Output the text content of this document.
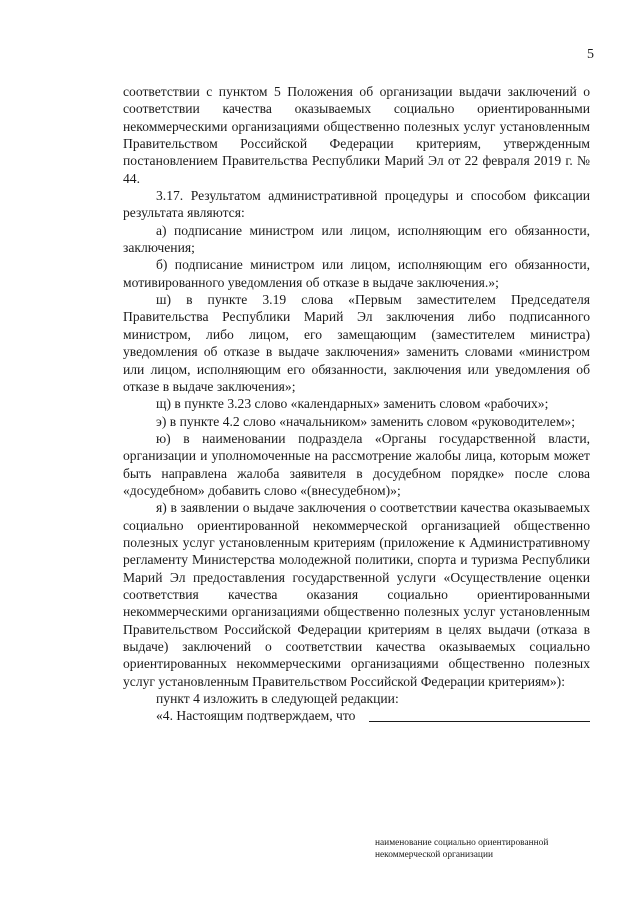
5

соответствии с пунктом 5 Положения об организации выдачи заключений о соответствии качества оказываемых социально ориентированными некоммерческими организациями общественно полезных услуг установленным Правительством Российской Федерации критериям, утвержденным постановлением Правительства Республики Марий Эл от 22 февраля 2019 г. № 44.

3.17. Результатом административной процедуры и способом фиксации результата являются:

а) подписание министром или лицом, исполняющим его обязанности, заключения;

б) подписание министром или лицом, исполняющим его обязанности, мотивированного уведомления об отказе в выдаче заключения.»;

ш) в пункте 3.19 слова «Первым заместителем Председателя Правительства Республики Марий Эл заключения либо подписанного министром, либо лицом, его замещающим (заместителем министра) уведомления об отказе в выдаче заключения» заменить словами «министром или лицом, исполняющим его обязанности, заключения или уведомления об отказе в выдаче заключения»;

щ) в пункте 3.23 слово «календарных» заменить словом «рабочих»;

э) в пункте 4.2 слово «начальником» заменить словом «руководителем»;

ю) в наименовании подраздела «Органы государственной власти, организации и уполномоченные на рассмотрение жалобы лица, которым может быть направлена жалоба заявителя в досудебном порядке» после слова «досудебном» добавить слово «(внесудебном)»;

я) в заявлении о выдаче заключения о соответствии качества оказываемых социально ориентированной некоммерческой организацией общественно полезных услуг установленным критериям (приложение к Административному регламенту Министерства молодежной политики, спорта и туризма Республики Марий Эл предоставления государственной услуги «Осуществление оценки соответствия качества оказания социально ориентированными некоммерческими организациями общественно полезных услуг установленным Правительством Российской Федерации критериям в целях выдачи (отказа в выдаче) заключений о соответствии качества оказываемых социально ориентированных некоммерческими организациями общественно полезных услуг установленным Правительством Российской Федерации критериям»):

пункт 4 изложить в следующей редакции:

«4. Настоящим подтверждаем, что
наименование социально ориентированной некоммерческой организации
